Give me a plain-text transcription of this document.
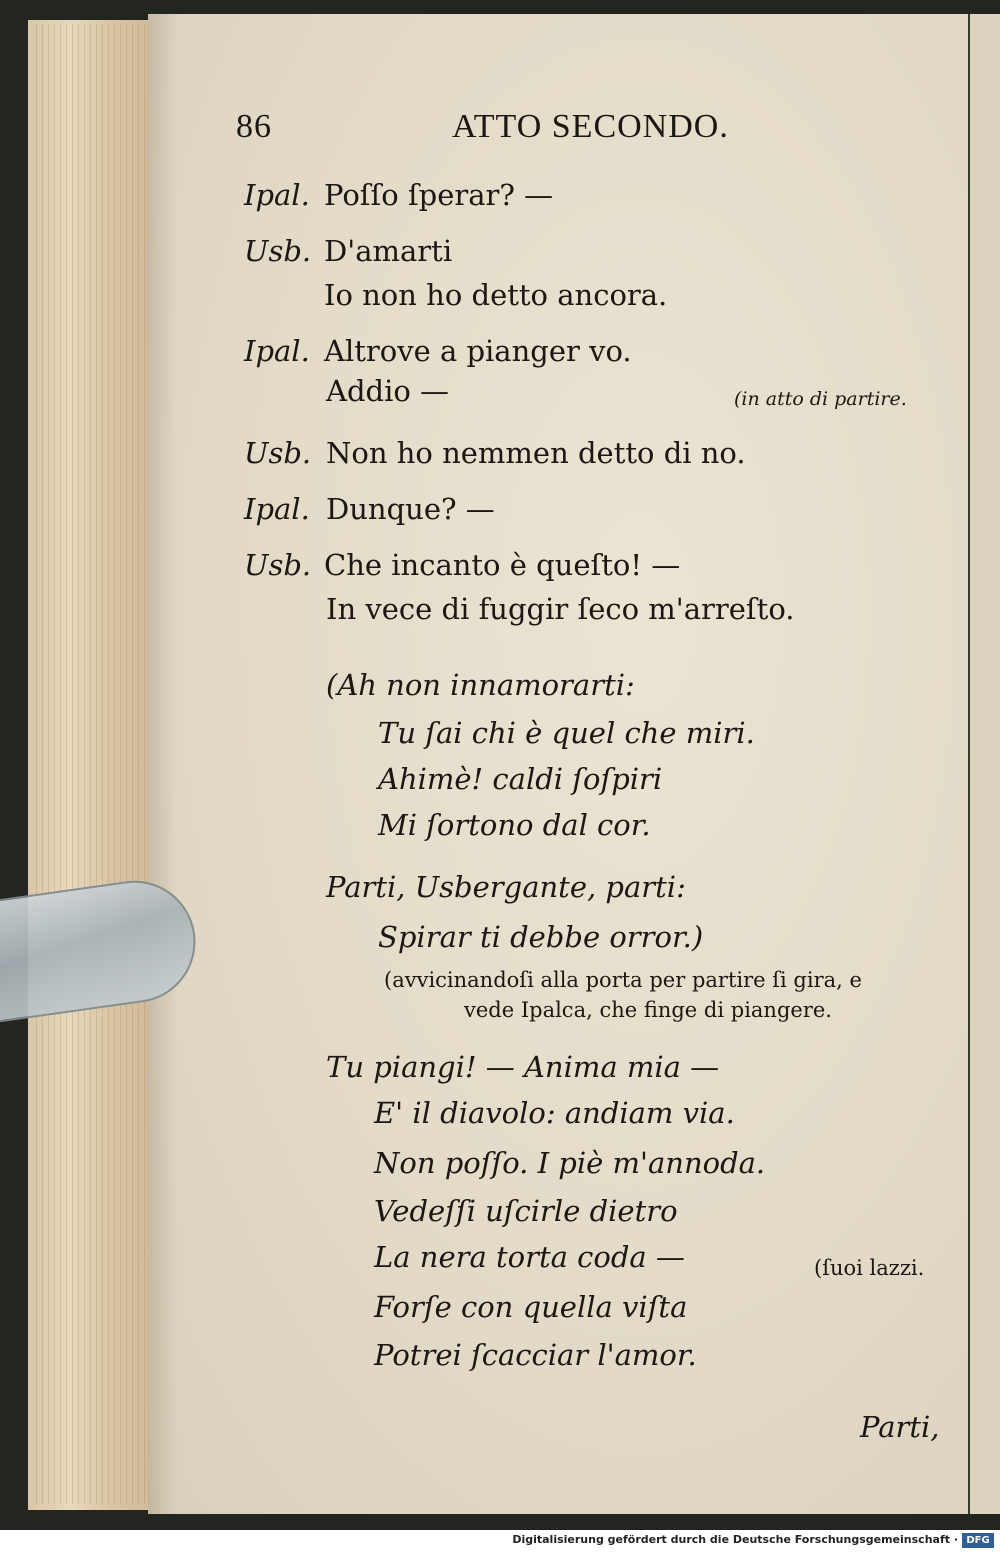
86	ATTO SECONDO.
Ipal. Poſſo ſperar? —
Usb. D'amarti
Io non ho detto ancora.
Ipal. Altrove a pianger vo.
Addio —	(in atto di partire.
Usb. Non ho nemmen detto di no.
Ipal. Dunque? —
Usb. Che incanto è queſto! —
In vece di fuggir ſeco m'arreſto.
(Ah non innamorarti:
Tu ſai chi è quel che miri.
Ahimè! caldi ſoſpiri
Mi ſortono dal cor.
Parti, Usbergante, parti:
Spirar ti debbe orror.)
(avvicinandoſi alla porta per partire ſi gira, e
vede Ipalca, che finge di piangere.
Tu piangi! — Anima mia —
E' il diavolo: andiam via.
Non poſſo. I piè m'annoda.
Vedeſſi uſcirle dietro
La nera torta coda —	(ſuoi lazzi.
Forſe con quella viſta
Potrei ſcacciar l'amor.
Parti,
Digitalisierung gefördert durch die Deutsche Forschungsgemeinschaft · DFG
